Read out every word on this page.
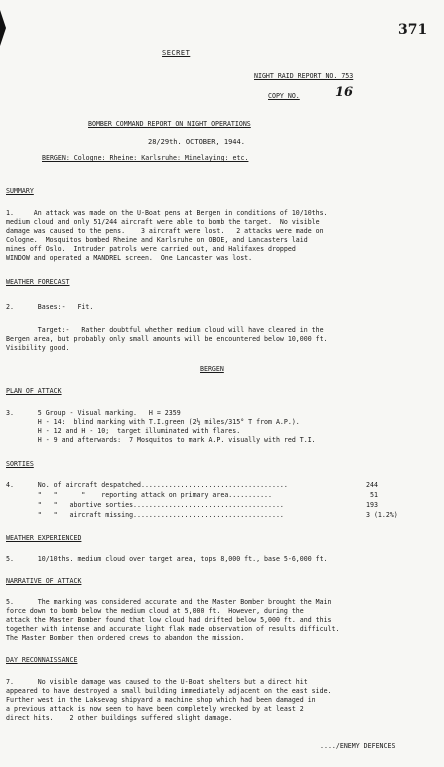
371
SECRET
NIGHT RAID REPORT NO. 753
COPY NO.	16
BOMBER COMMAND REPORT ON NIGHT OPERATIONS
28/29th. OCTOBER, 1944.
BERGEN: Cologne: Rheine: Karlsruhe: Minelaying: etc.
SUMMARY
1.     An attack was made on the U-Boat pens at Bergen in conditions of 10/10ths.
medium cloud and only 51/244 aircraft were able to bomb the target.  No visible
damage was caused to the pens.    3 aircraft were lost.   2 attacks were made on
Cologne.  Mosquitos bombed Rheine and Karlsruhe on OBOE, and Lancasters laid
mines off Oslo.  Intruder patrols were carried out, and Halifaxes dropped
WINDOW and operated a MANDREL screen.  One Lancaster was lost.
WEATHER FORECAST
2.      Bases:-   Fit.
Target:-   Rather doubtful whether medium cloud will have cleared in the
Bergen area, but probably only small amounts will be encountered below 10,000 ft.
Visibility good.
BERGEN
PLAN OF ATTACK
3.      5 Group - Visual marking.   H = 2359
H - 14:  blind marking with T.I.green (2½ miles/315° T from A.P.).
H - 12 and H - 10;  target illuminated with flares.
H - 9 and afterwards:  7 Mosquitos to mark A.P. visually with red T.I.
SORTIES
4.      No. of aircraft despatched.....................................	244
"   "      "    reporting attack on primary area...........	51
"   "   abortive sorties......................................	193
"   "   aircraft missing......................................	3 (1.2%)
WEATHER EXPERIENCED
5.      10/10ths. medium cloud over target area, tops 8,000 ft., base 5-6,000 ft.
NARRATIVE OF ATTACK
5.      The marking was considered accurate and the Master Bomber brought the Main
force down to bomb below the medium cloud at 5,000 ft.  However, during the
attack the Master Bomber found that low cloud had drifted below 5,000 ft. and this
together with intense and accurate light flak made observation of results difficult.
The Master Bomber then ordered crews to abandon the mission.
DAY RECONNAISSANCE
7.      No visible damage was caused to the U-Boat shelters but a direct hit
appeared to have destroyed a small building immediately adjacent on the east side.
Further west in the Laksevag shipyard a machine shop which had been damaged in
a previous attack is now seen to have been completely wrecked by at least 2
direct hits.    2 other buildings suffered slight damage.
..../ENEMY DEFENCES
